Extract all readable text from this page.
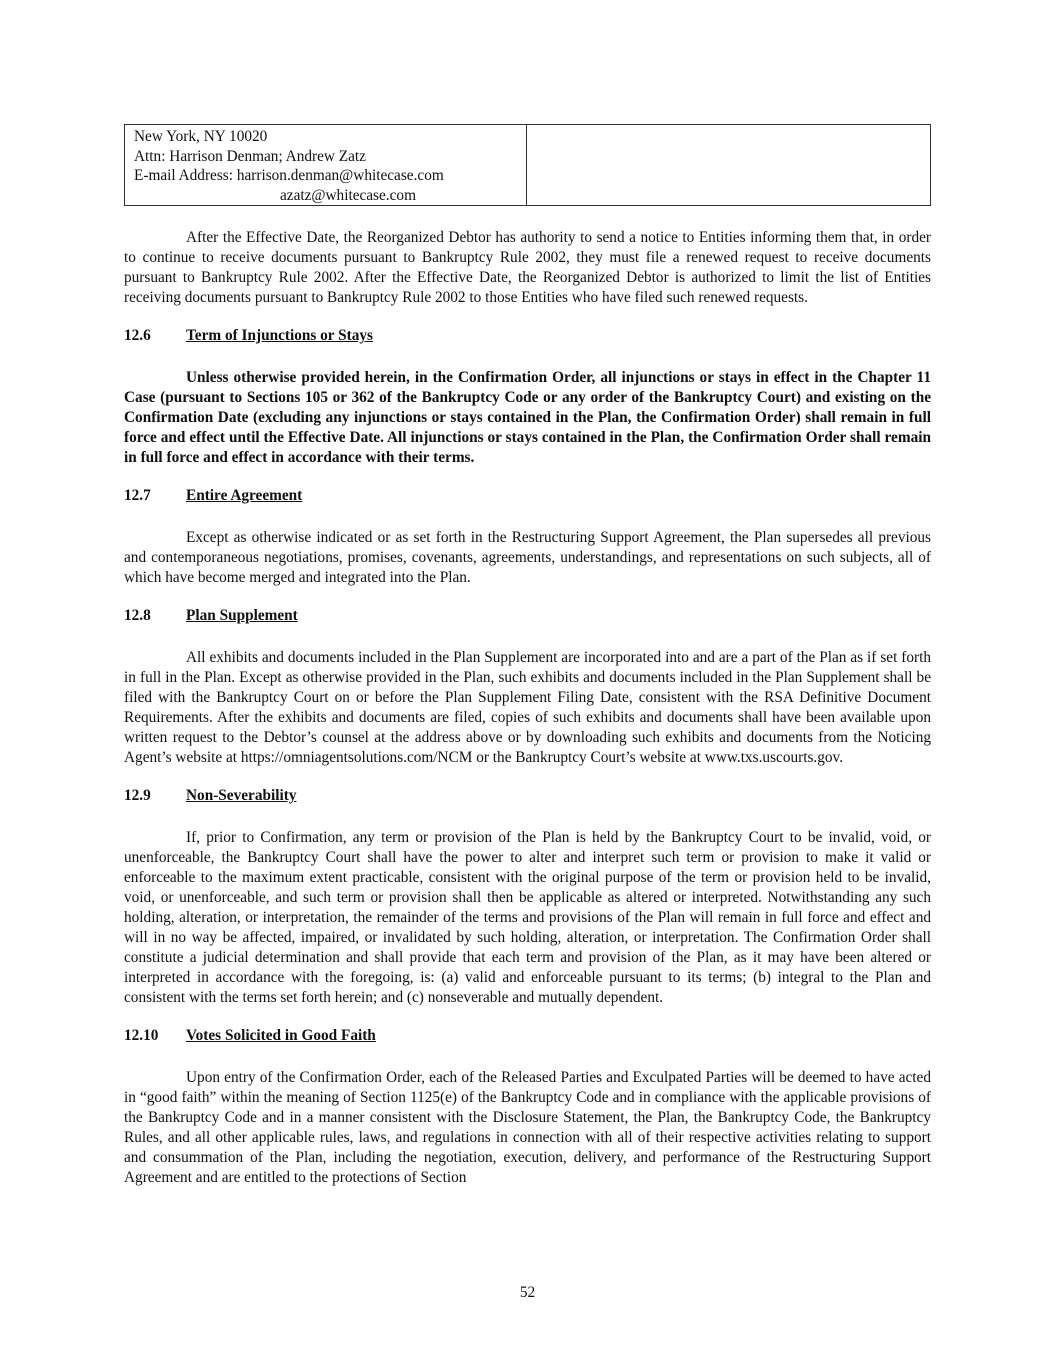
New York, NY 10020
Attn: Harrison Denman; Andrew Zatz
E-mail Address: harrison.denman@whitecase.com
azatz@whitecase.com

After the Effective Date, the Reorganized Debtor has authority to send a notice to Entities informing them that, in order to continue to receive documents pursuant to Bankruptcy Rule 2002, they must file a renewed request to receive documents pursuant to Bankruptcy Rule 2002. After the Effective Date, the Reorganized Debtor is authorized to limit the list of Entities receiving documents pursuant to Bankruptcy Rule 2002 to those Entities who have filed such renewed requests.

12.6 Term of Injunctions or Stays

Unless otherwise provided herein, in the Confirmation Order, all injunctions or stays in effect in the Chapter 11 Case (pursuant to Sections 105 or 362 of the Bankruptcy Code or any order of the Bankruptcy Court) and existing on the Confirmation Date (excluding any injunctions or stays contained in the Plan, the Confirmation Order) shall remain in full force and effect until the Effective Date. All injunctions or stays contained in the Plan, the Confirmation Order shall remain in full force and effect in accordance with their terms.

12.7 Entire Agreement

Except as otherwise indicated or as set forth in the Restructuring Support Agreement, the Plan supersedes all previous and contemporaneous negotiations, promises, covenants, agreements, understandings, and representations on such subjects, all of which have become merged and integrated into the Plan.

12.8 Plan Supplement

All exhibits and documents included in the Plan Supplement are incorporated into and are a part of the Plan as if set forth in full in the Plan. Except as otherwise provided in the Plan, such exhibits and documents included in the Plan Supplement shall be filed with the Bankruptcy Court on or before the Plan Supplement Filing Date, consistent with the RSA Definitive Document Requirements. After the exhibits and documents are filed, copies of such exhibits and documents shall have been available upon written request to the Debtor’s counsel at the address above or by downloading such exhibits and documents from the Noticing Agent’s website at https://omniagentsolutions.com/NCM or the Bankruptcy Court’s website at www.txs.uscourts.gov.

12.9 Non-Severability

If, prior to Confirmation, any term or provision of the Plan is held by the Bankruptcy Court to be invalid, void, or unenforceable, the Bankruptcy Court shall have the power to alter and interpret such term or provision to make it valid or enforceable to the maximum extent practicable, consistent with the original purpose of the term or provision held to be invalid, void, or unenforceable, and such term or provision shall then be applicable as altered or interpreted. Notwithstanding any such holding, alteration, or interpretation, the remainder of the terms and provisions of the Plan will remain in full force and effect and will in no way be affected, impaired, or invalidated by such holding, alteration, or interpretation. The Confirmation Order shall constitute a judicial determination and shall provide that each term and provision of the Plan, as it may have been altered or interpreted in accordance with the foregoing, is: (a) valid and enforceable pursuant to its terms; (b) integral to the Plan and consistent with the terms set forth herein; and (c) nonseverable and mutually dependent.

12.10 Votes Solicited in Good Faith

Upon entry of the Confirmation Order, each of the Released Parties and Exculpated Parties will be deemed to have acted in “good faith” within the meaning of Section 1125(e) of the Bankruptcy Code and in compliance with the applicable provisions of the Bankruptcy Code and in a manner consistent with the Disclosure Statement, the Plan, the Bankruptcy Code, the Bankruptcy Rules, and all other applicable rules, laws, and regulations in connection with all of their respective activities relating to support and consummation of the Plan, including the negotiation, execution, delivery, and performance of the Restructuring Support Agreement and are entitled to the protections of Section

52
